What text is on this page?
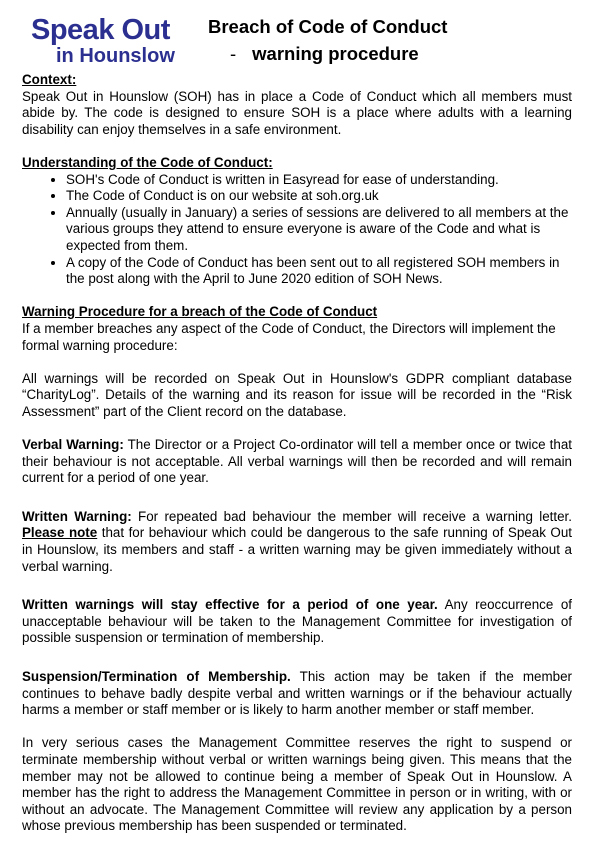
Speak Out
in Hounslow
Breach of Code of Conduct
- warning procedure

Context:

Speak Out in Hounslow (SOH) has in place a Code of Conduct which all members must abide by. The code is designed to ensure SOH is a place where adults with a learning disability can enjoy themselves in a safe environment.

Understanding of the Code of Conduct:

• SOH's Code of Conduct is written in Easyread for ease of understanding.
• The Code of Conduct is on our website at soh.org.uk
• Annually (usually in January) a series of sessions are delivered to all members at the various groups they attend to ensure everyone is aware of the Code and what is expected from them.
• A copy of the Code of Conduct has been sent out to all registered SOH members in the post along with the April to June 2020 edition of SOH News.

Warning Procedure for a breach of the Code of Conduct

If a member breaches any aspect of the Code of Conduct, the Directors will implement the formal warning procedure:

All warnings will be recorded on Speak Out in Hounslow's GDPR compliant database “CharityLog”. Details of the warning and its reason for issue will be recorded in the “Risk Assessment” part of the Client record on the database.

Verbal Warning: The Director or a Project Co-ordinator will tell a member once or twice that their behaviour is not acceptable. All verbal warnings will then be recorded and will remain current for a period of one year.

Written Warning: For repeated bad behaviour the member will receive a warning letter. Please note that for behaviour which could be dangerous to the safe running of Speak Out in Hounslow, its members and staff - a written warning may be given immediately without a verbal warning.

Written warnings will stay effective for a period of one year. Any reoccurrence of unacceptable behaviour will be taken to the Management Committee for investigation of possible suspension or termination of membership.

Suspension/Termination of Membership. This action may be taken if the member continues to behave badly despite verbal and written warnings or if the behaviour actually harms a member or staff member or is likely to harm another member or staff member.

In very serious cases the Management Committee reserves the right to suspend or terminate membership without verbal or written warnings being given. This means that the member may not be allowed to continue being a member of Speak Out in Hounslow. A member has the right to address the Management Committee in person or in writing, with or without an advocate. The Management Committee will review any application by a person whose previous membership has been suspended or terminated.
